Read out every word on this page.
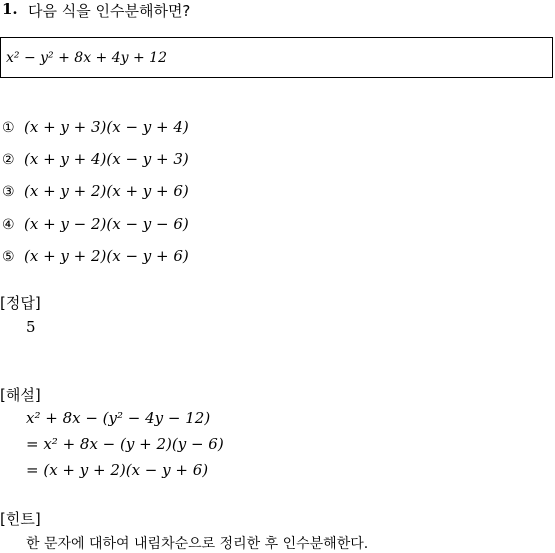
1. 다음 식을 인수분해하면?
x² − y² + 8x + 4y + 12
① (x + y + 3)(x − y + 4)
② (x + y + 4)(x − y + 3)
③ (x + y + 2)(x + y + 6)
④ (x + y − 2)(x − y − 6)
⑤ (x + y + 2)(x − y + 6)
[정답]
5
[해설]
x² + 8x − (y² − 4y − 12)
= x² + 8x − (y + 2)(y − 6)
= (x + y + 2)(x − y + 6)
[힌트]
한 문자에 대하여 내림차순으로 정리한 후 인수분해한다.
